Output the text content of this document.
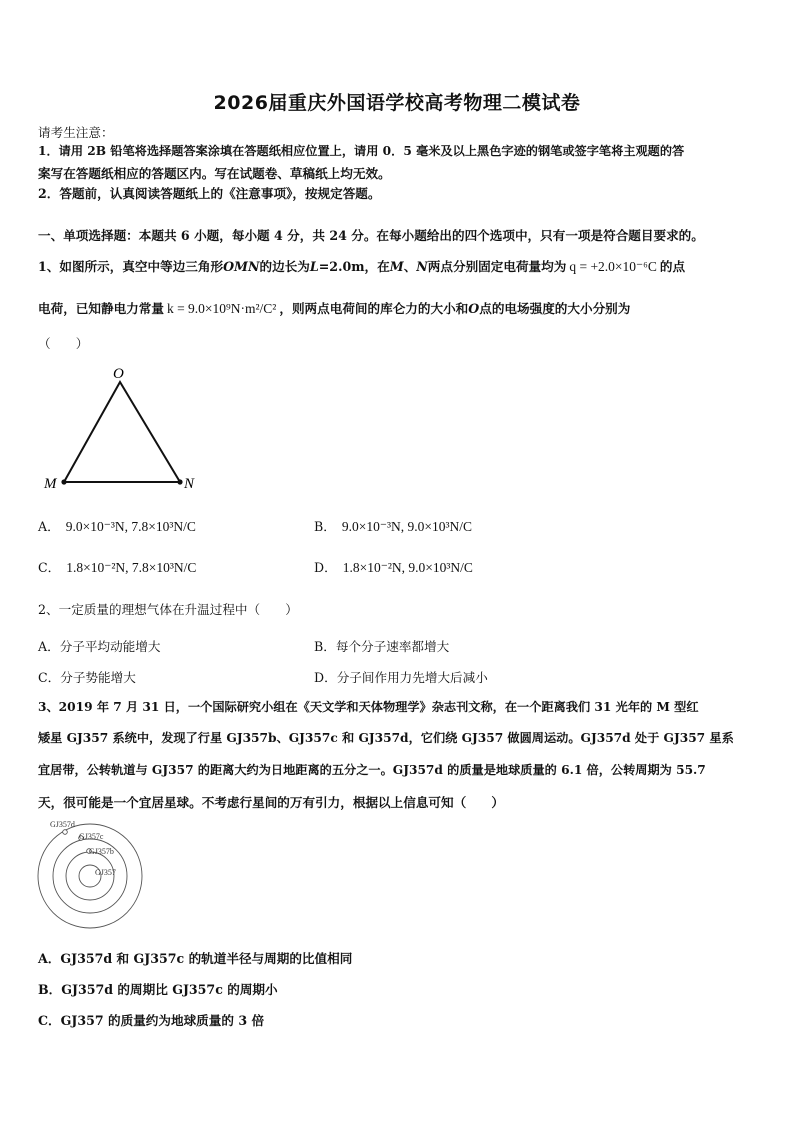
2026届重庆外国语学校高考物理二模试卷
请考生注意：
1．请用 2B 铅笔将选择题答案涂填在答题纸相应位置上，请用 0．5 毫米及以上黑色字迹的钢笔或签字笔将主观题的答
案写在答题纸相应的答题区内。写在试题卷、草稿纸上均无效。
2．答题前，认真阅读答题纸上的《注意事项》，按规定答题。
一、单项选择题：本题共 6 小题，每小题 4 分，共 24 分。在每小题给出的四个选项中，只有一项是符合题目要求的。
1、如图所示，真空中等边三角形OMN的边长为L=2.0m，在M、N两点分别固定电荷量均为 q = +2.0×10⁻⁶C 的点
电荷，已知静电力常量 k = 9.0×10⁹N·m²/C² ，则两点电荷间的库仑力的大小和O点的电场强度的大小分别为
（　　）
O
M	N
A． 9.0×10⁻³N, 7.8×10³N/C	B． 9.0×10⁻³N, 9.0×10³N/C
C． 1.8×10⁻²N, 7.8×10³N/C	D． 1.8×10⁻²N, 9.0×10³N/C
2、一定质量的理想气体在升温过程中（　　）
A．分子平均动能增大	B．每个分子速率都增大
C．分子势能增大	D．分子间作用力先增大后减小
3、2019 年 7 月 31 日，一个国际研究小组在《天文学和天体物理学》杂志刊文称，在一个距离我们 31 光年的 M 型红
矮星 GJ357 系统中，发现了行星 GJ357b、GJ357c 和 GJ357d，它们绕 GJ357 做圆周运动。GJ357d 处于 GJ357 星系
宜居带，公转轨道与 GJ357 的距离大约为日地距离的五分之一。GJ357d 的质量是地球质量的 6.1 倍，公转周期为 55.7
天，很可能是一个宜居星球。不考虑行星间的万有引力，根据以上信息可知（　　）
GJ357d
GJ357c
GJ357b
GJ357
A．GJ357d 和 GJ357c 的轨道半径与周期的比值相同
B．GJ357d 的周期比 GJ357c 的周期小
C．GJ357 的质量约为地球质量的 3 倍
